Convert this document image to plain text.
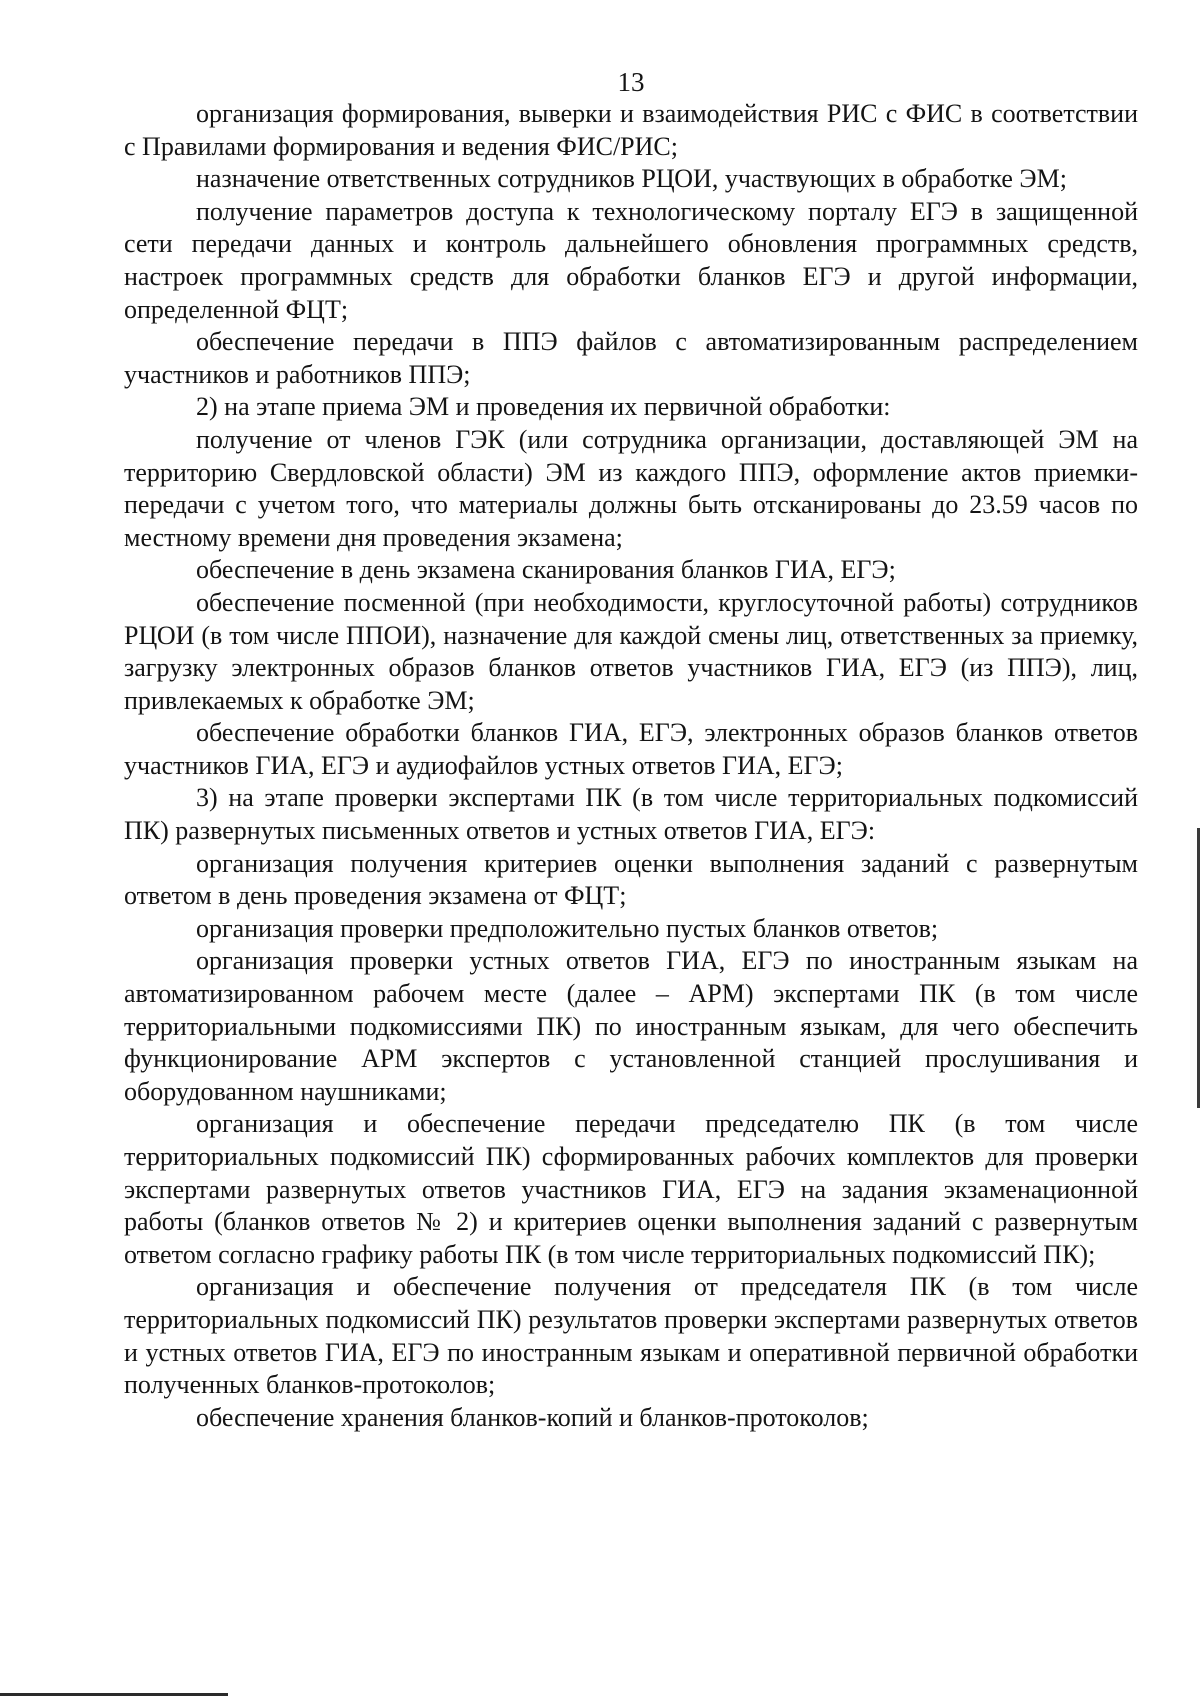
13

организация формирования, выверки и взаимодействия РИС с ФИС в соответствии с Правилами формирования и ведения ФИС/РИС;

назначение ответственных сотрудников РЦОИ, участвующих в обработке ЭМ;

получение параметров доступа к технологическому порталу ЕГЭ в защищенной сети передачи данных и контроль дальнейшего обновления программных средств, настроек программных средств для обработки бланков ЕГЭ и другой информации, определенной ФЦТ;

обеспечение передачи в ППЭ файлов с автоматизированным распределением участников и работников ППЭ;

2) на этапе приема ЭМ и проведения их первичной обработки:

получение от членов ГЭК (или сотрудника организации, доставляющей ЭМ на территорию Свердловской области) ЭМ из каждого ППЭ, оформление актов приемки-передачи с учетом того, что материалы должны быть отсканированы до 23.59 часов по местному времени дня проведения экзамена;

обеспечение в день экзамена сканирования бланков ГИА, ЕГЭ;

обеспечение посменной (при необходимости, круглосуточной работы) сотрудников РЦОИ (в том числе ППОИ), назначение для каждой смены лиц, ответственных за приемку, загрузку электронных образов бланков ответов участников ГИА, ЕГЭ (из ППЭ), лиц, привлекаемых к обработке ЭМ;

обеспечение обработки бланков ГИА, ЕГЭ, электронных образов бланков ответов участников ГИА, ЕГЭ и аудиофайлов устных ответов ГИА, ЕГЭ;

3) на этапе проверки экспертами ПК (в том числе территориальных подкомиссий ПК) развернутых письменных ответов и устных ответов ГИА, ЕГЭ:

организация получения критериев оценки выполнения заданий с развернутым ответом в день проведения экзамена от ФЦТ;

организация проверки предположительно пустых бланков ответов;

организация проверки устных ответов ГИА, ЕГЭ по иностранным языкам на автоматизированном рабочем месте (далее – АРМ) экспертами ПК (в том числе территориальными подкомиссиями ПК) по иностранным языкам, для чего обеспечить функционирование АРМ экспертов с установленной станцией прослушивания и оборудованном наушниками;

организация и обеспечение передачи председателю ПК (в том числе территориальных подкомиссий ПК) сформированных рабочих комплектов для проверки экспертами развернутых ответов участников ГИА, ЕГЭ на задания экзаменационной работы (бланков ответов № 2) и критериев оценки выполнения заданий с развернутым ответом согласно графику работы ПК (в том числе территориальных подкомиссий ПК);

организация и обеспечение получения от председателя ПК (в том числе территориальных подкомиссий ПК) результатов проверки экспертами развернутых ответов и устных ответов ГИА, ЕГЭ по иностранным языкам и оперативной первичной обработки полученных бланков-протоколов;

обеспечение хранения бланков-копий и бланков-протоколов;
